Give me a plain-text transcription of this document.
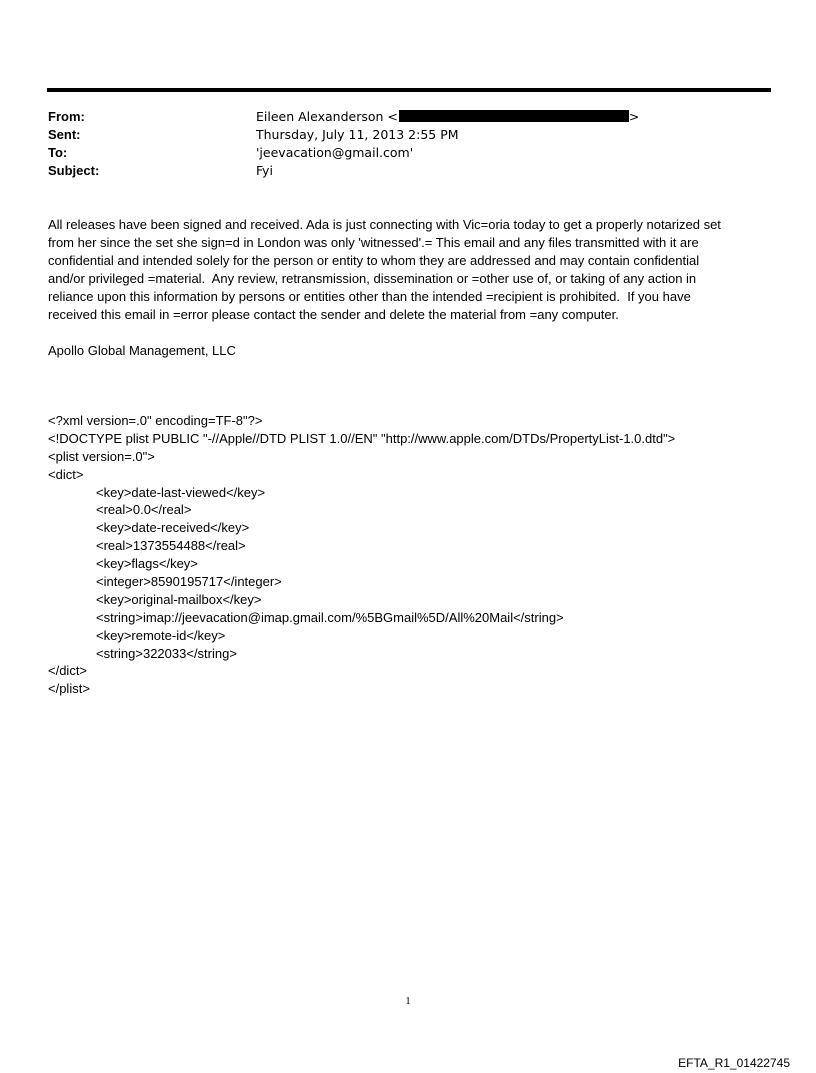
From:	Eileen Alexanderson <	>
Sent:	Thursday, July 11, 2013 2:55 PM
To:	'jeevacation@gmail.com'
Subject:	Fyi

All releases have been signed and received. Ada is just connecting with Vic=oria today to get a properly notarized set
from her since the set she sign=d in London was only 'witnessed'.= This email and any files transmitted with it are
confidential and intended solely for the person or entity to whom they are addressed and may contain confidential
and/or privileged =material.  Any review, retransmission, dissemination or =other use of, or taking of any action in
reliance upon this information by persons or entities other than the intended =recipient is prohibited.  If you have
received this email in =error please contact the sender and delete the material from =any computer.

Apollo Global Management, LLC
<?xml version=.0" encoding=TF-8"?>
<!DOCTYPE plist PUBLIC "-//Apple//DTD PLIST 1.0//EN" "http://www.apple.com/DTDs/PropertyList-1.0.dtd">
<plist version=.0">
<dict>
<key>date-last-viewed</key>
<real>0.0</real>
<key>date-received</key>
<real>1373554488</real>
<key>flags</key>
<integer>8590195717</integer>
<key>original-mailbox</key>
<string>imap://jeevacation@imap.gmail.com/%5BGmail%5D/All%20Mail</string>
<key>remote-id</key>
<string>322033</string>
</dict>
</plist>
1
EFTA_R1_01422745
